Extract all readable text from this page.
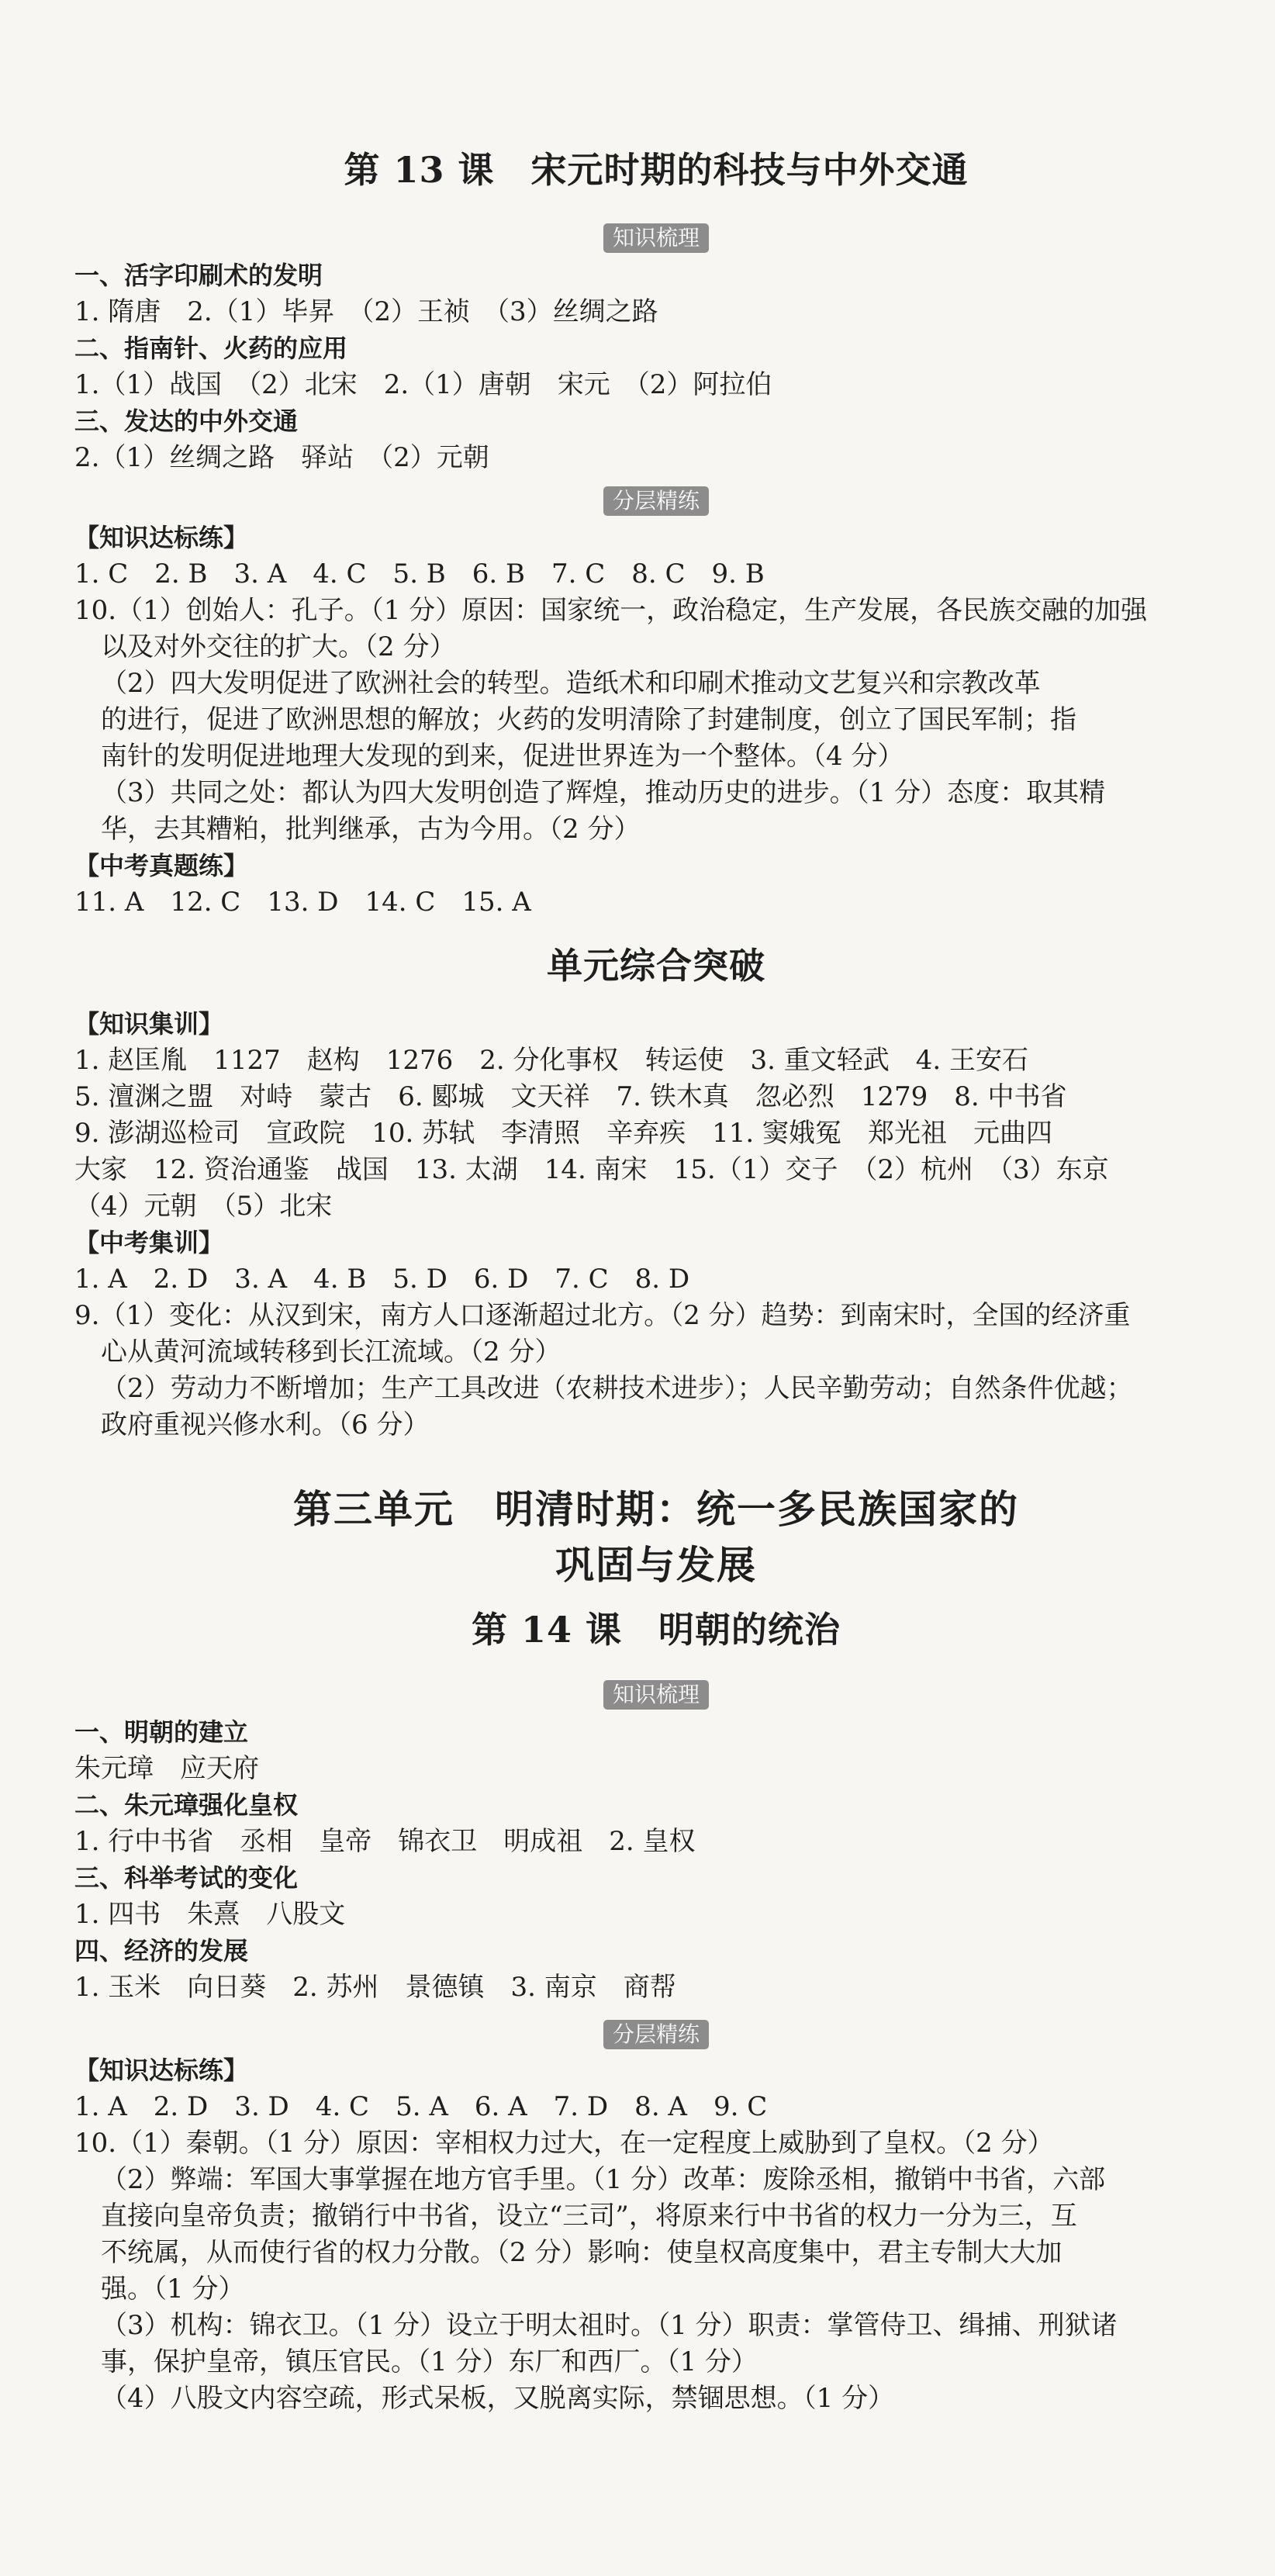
第 13 课　宋元时期的科技与中外交通
知识梳理
一、活字印刷术的发明
1. 隋唐　2.（1）毕昇　（2）王祯　（3）丝绸之路
二、指南针、火药的应用
1.（1）战国　（2）北宋　2.（1）唐朝　宋元　（2）阿拉伯
三、发达的中外交通
2.（1）丝绸之路　驿站　（2）元朝
分层精练
【知识达标练】
1. C　2. B　3. A　4. C　5. B　6. B　7. C　8. C　9. B
10.（1）创始人：孔子。（1 分）原因：国家统一，政治稳定，生产发展，各民族交融的加强
以及对外交往的扩大。（2 分）
（2）四大发明促进了欧洲社会的转型。造纸术和印刷术推动文艺复兴和宗教改革
的进行，促进了欧洲思想的解放；火药的发明清除了封建制度，创立了国民军制；指
南针的发明促进地理大发现的到来，促进世界连为一个整体。（4 分）
（3）共同之处：都认为四大发明创造了辉煌，推动历史的进步。（1 分）态度：取其精
华，去其糟粕，批判继承，古为今用。（2 分）
【中考真题练】
11. A　12. C　13. D　14. C　15. A
单元综合突破
【知识集训】
1. 赵匡胤　1127　赵构　1276　2. 分化事权　转运使　3. 重文轻武　4. 王安石
5. 澶渊之盟　对峙　蒙古　6. 郾城　文天祥　7. 铁木真　忽必烈　1279　8. 中书省
9. 澎湖巡检司　宣政院　10. 苏轼　李清照　辛弃疾　11. 窦娥冤　郑光祖　元曲四
大家　12. 资治通鉴　战国　13. 太湖　14. 南宋　15.（1）交子　（2）杭州　（3）东京
（4）元朝　（5）北宋
【中考集训】
1. A　2. D　3. A　4. B　5. D　6. D　7. C　8. D
9.（1）变化：从汉到宋，南方人口逐渐超过北方。（2 分）趋势：到南宋时，全国的经济重
心从黄河流域转移到长江流域。（2 分）
（2）劳动力不断增加；生产工具改进（农耕技术进步）；人民辛勤劳动；自然条件优越；
政府重视兴修水利。（6 分）
第三单元　明清时期：统一多民族国家的
巩固与发展
第 14 课　明朝的统治
知识梳理
一、明朝的建立
朱元璋　应天府
二、朱元璋强化皇权
1. 行中书省　丞相　皇帝　锦衣卫　明成祖　2. 皇权
三、科举考试的变化
1. 四书　朱熹　八股文
四、经济的发展
1. 玉米　向日葵　2. 苏州　景德镇　3. 南京　商帮
分层精练
【知识达标练】
1. A　2. D　3. D　4. C　5. A　6. A　7. D　8. A　9. C
10.（1）秦朝。（1 分）原因：宰相权力过大，在一定程度上威胁到了皇权。（2 分）
（2）弊端：军国大事掌握在地方官手里。（1 分）改革：废除丞相，撤销中书省，六部
直接向皇帝负责；撤销行中书省，设立“三司”，将原来行中书省的权力一分为三，互
不统属，从而使行省的权力分散。（2 分）影响：使皇权高度集中，君主专制大大加
强。（1 分）
（3）机构：锦衣卫。（1 分）设立于明太祖时。（1 分）职责：掌管侍卫、缉捕、刑狱诸
事，保护皇帝，镇压官民。（1 分）东厂和西厂。（1 分）
（4）八股文内容空疏，形式呆板，又脱离实际，禁锢思想。（1 分）
